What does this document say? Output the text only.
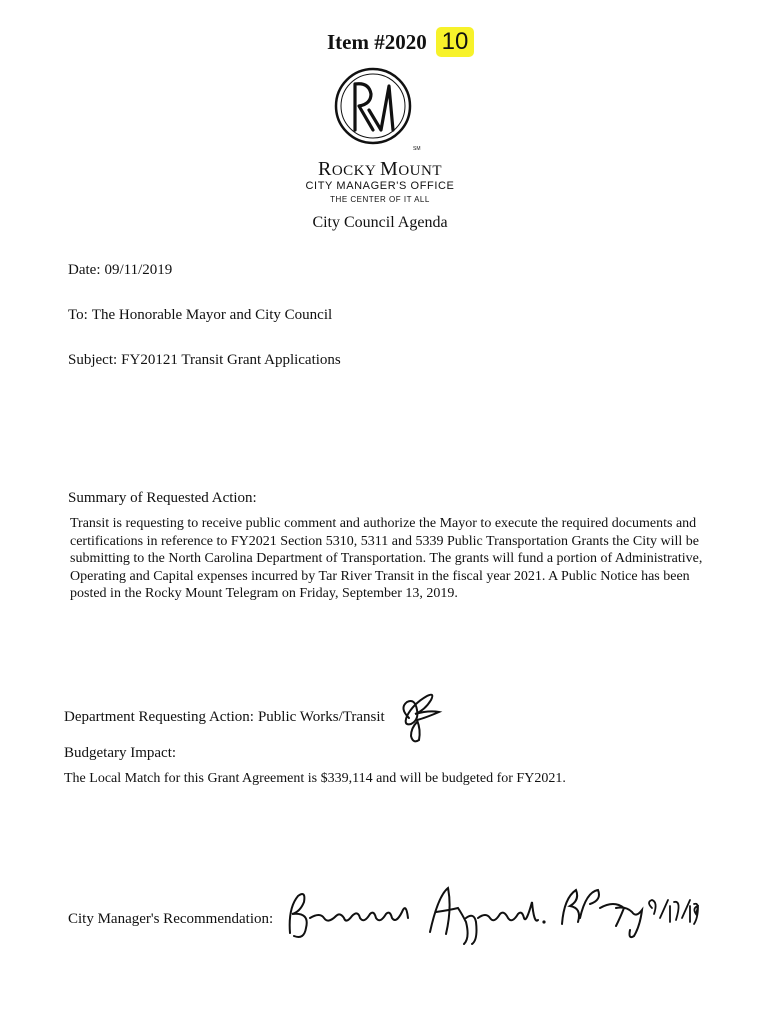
Item #2020 10
SM
ROCKY MOUNT
CITY MANAGER'S OFFICE
THE CENTER OF IT ALL
City Council Agenda
Date: 09/11/2019
To: The Honorable Mayor and City Council
Subject: FY20121 Transit Grant Applications
Summary of Requested Action:
Transit is requesting to receive public comment and authorize the Mayor to execute the required documents and certifications in reference to FY2021 Section 5310, 5311 and 5339 Public Transportation Grants the City will be submitting to the North Carolina Department of Transportation. The grants will fund a portion of Administrative, Operating and Capital expenses incurred by Tar River Transit in the fiscal year 2021. A Public Notice has been posted in the Rocky Mount Telegram on Friday, September 13, 2019.
Department Requesting Action: Public Works/Transit
Budgetary Impact:
The Local Match for this Grant Agreement is $339,114 and will be budgeted for FY2021.
City Manager's Recommendation:
